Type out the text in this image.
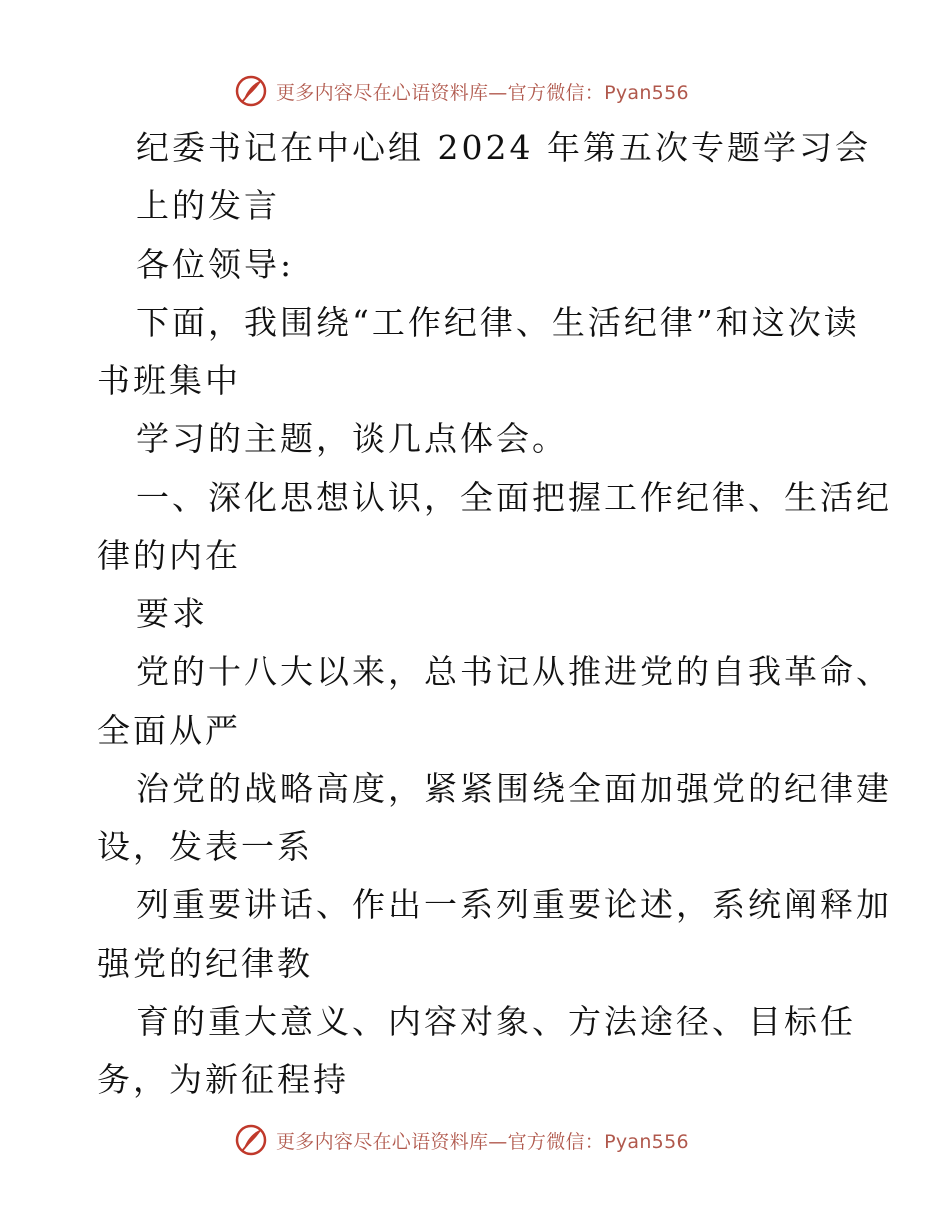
更多内容尽在心语资料库—官方微信：Pyan556
纪委书记在中心组 2024 年第五次专题学习会
上的发言
各位领导:
下面，我围绕“工作纪律、生活纪律”和这次读
书班集中
学习的主题，谈几点体会。
一、深化思想认识，全面把握工作纪律、生活纪
律的内在
要求
党的十八大以来，总书记从推进党的自我革命、
全面从严
治党的战略高度，紧紧围绕全面加强党的纪律建
设，发表一系
列重要讲话、作出一系列重要论述，系统阐释加
强党的纪律教
育的重大意义、内容对象、方法途径、目标任
务，为新征程持
更多内容尽在心语资料库—官方微信：Pyan556
